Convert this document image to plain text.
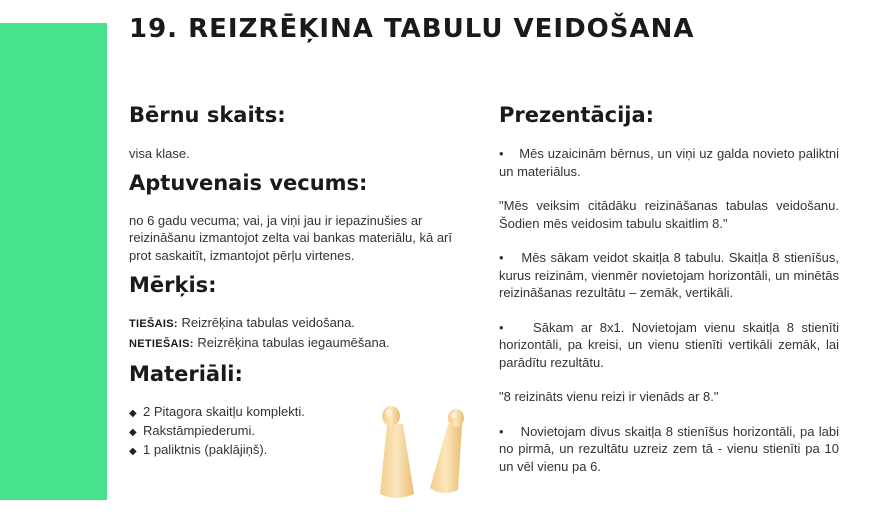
19. REIZRĒĶINA TABULU VEIDOŠANA
Bērnu skaits:

visa klase.

Aptuvenais vecums:

no 6 gadu vecuma; vai, ja viņi jau ir iepazinušies ar reizināšanu izmantojot zelta vai bankas materiālu, kā arī prot saskaitīt, izmantojot pērļu virtenes.

Mērķis:

TIEŠAIS: Reizrēķina tabulas veidošana.

NETIEŠAIS: Reizrēķina tabulas iegaumēšana.

Materiāli:
◆ 2 Pitagora skaitļu komplekti.
◆ Rakstāmpiederumi.
◆ 1 paliktnis (paklājiņš).
Prezentācija:

•    Mēs uzaicinām bērnus, un viņi uz galda novieto paliktni un materiālus.

"Mēs veiksim citādāku reizināšanas tabulas veidošanu. Šodien mēs veidosim tabulu skaitlim 8."

•    Mēs sākam veidot skaitļa 8 tabulu. Skaitļa 8 stienīšus, kurus reizinām, vienmēr novietojam horizontāli, un minētās reizināšanas rezultātu – zemāk, vertikāli.

•    Sākam ar 8x1. Novietojam vienu skaitļa 8 stienīti horizontāli, pa kreisi, un vienu stienīti vertikāli zemāk, lai parādītu rezultātu.

"8 reizināts vienu reizi ir vienāds ar 8."

•    Novietojam divus skaitļa 8 stienīšus horizontāli, pa labi no pirmā, un rezultātu uzreiz zem tā - vienu stienīti pa 10 un vēl vienu pa 6.
